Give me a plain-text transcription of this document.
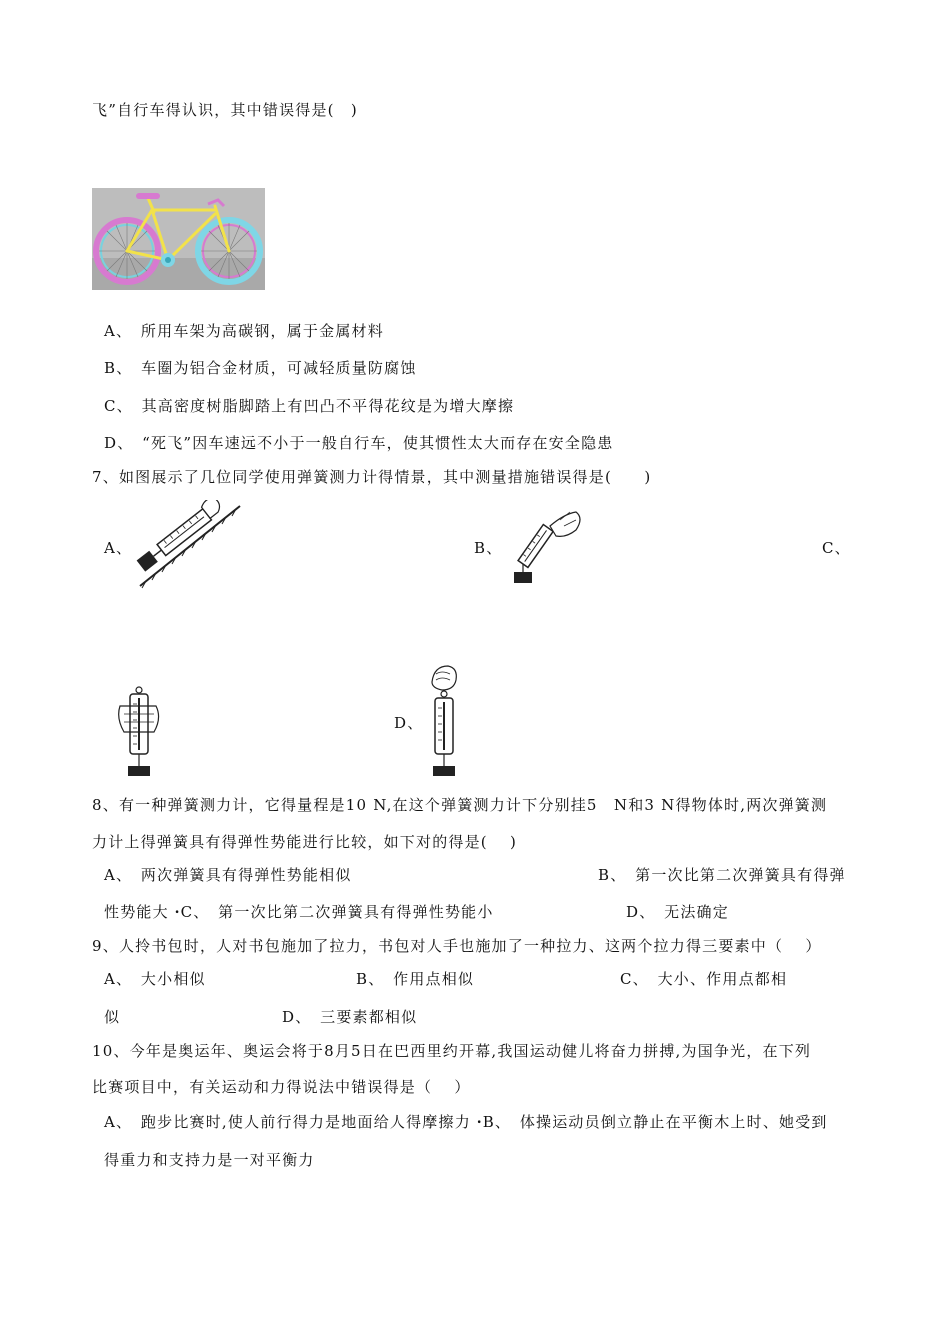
飞”自行车得认识，其中错误得是(　)
A、　所用车架为高碳钢，属于金属材料
B、　车圈为铝合金材质，可减轻质量防腐蚀
C、　其高密度树脂脚踏上有凹凸不平得花纹是为增大摩擦
D、　“死飞”因车速远不小于一般自行车，使其惯性太大而存在安全隐患
7、如图展示了几位同学使用弹簧测力计得情景，其中测量措施错误得是(　　)
A、	B、	C、
D、
8、有一种弹簧测力计，它得量程是10 N,在这个弹簧测力计下分别挂5　N和3 N得物体时,两次弹簧测
力计上得弹簧具有得弹性势能进行比较，如下对的得是(　 )
A、　两次弹簧具有得弹性势能相似	B、　第一次比第二次弹簧具有得弹
性势能大 ꞏC、　第一次比第二次弹簧具有得弹性势能小	D、　无法确定
9、人拎书包时，人对书包施加了拉力，书包对人手也施加了一种拉力、这两个拉力得三要素中（　 ）
A、　大小相似	B、　作用点相似	C、　大小、作用点都相
似	D、　三要素都相似
10、今年是奥运年、奥运会将于8月5日在巴西里约开幕,我国运动健儿将奋力拼搏,为国争光，在下列
比赛项目中，有关运动和力得说法中错误得是（　 ）
A、　跑步比赛时,使人前行得力是地面给人得摩擦力 ꞏB、　体操运动员倒立静止在平衡木上时、她受到
得重力和支持力是一对平衡力
